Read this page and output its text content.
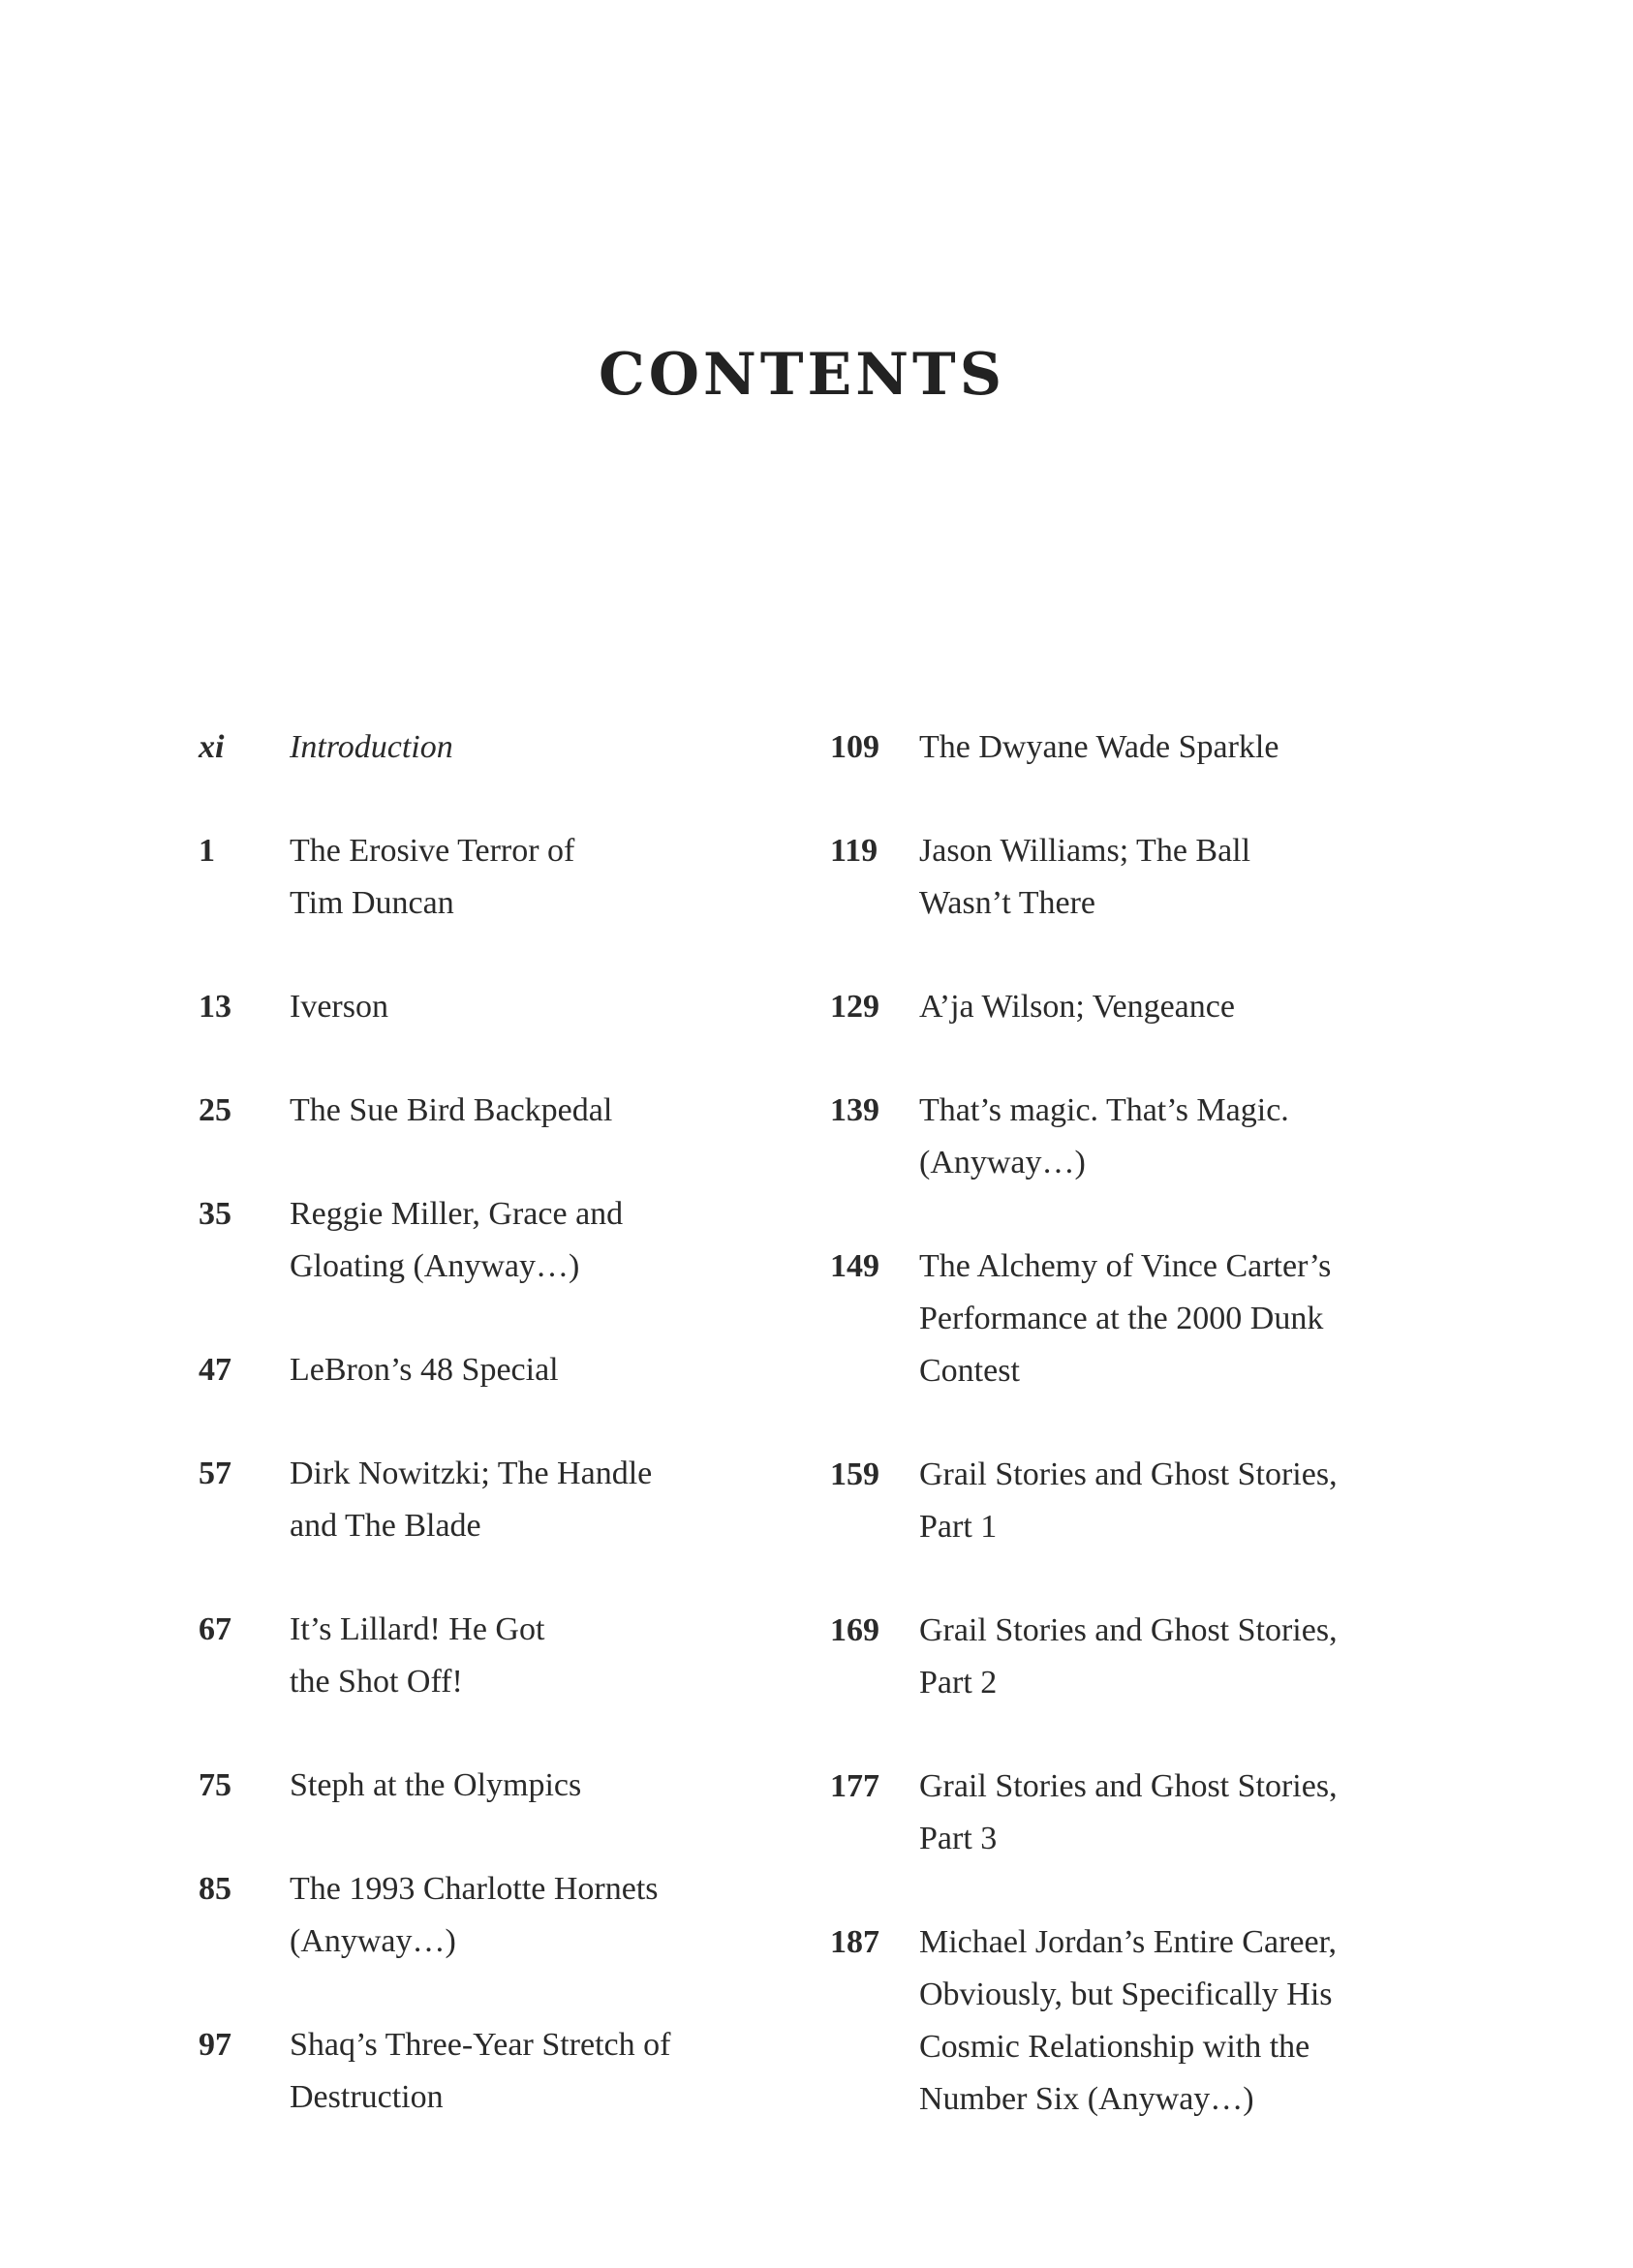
CONTENTS
xi	Introduction
1	The Erosive Terror of
Tim Duncan
13	Iverson
25	The Sue Bird Backpedal
35	Reggie Miller, Grace and
Gloating (Anyway…)
47	LeBron’s 48 Special
57	Dirk Nowitzki; The Handle
and The Blade
67	It’s Lillard! He Got
the Shot Off!
75	Steph at the Olympics
85	The 1993 Charlotte Hornets
(Anyway…)
97	Shaq’s Three-Year Stretch of
Destruction
109	The Dwyane Wade Sparkle
119	Jason Williams; The Ball
Wasn’t There
129	A’ja Wilson; Vengeance
139	That’s magic. That’s Magic.
(Anyway…)
149	The Alchemy of Vince Carter’s
Performance at the 2000 Dunk
Contest
159	Grail Stories and Ghost Stories,
Part 1
169	Grail Stories and Ghost Stories,
Part 2
177	Grail Stories and Ghost Stories,
Part 3
187	Michael Jordan’s Entire Career,
Obviously, but Specifically His
Cosmic Relationship with the
Number Six (Anyway…)
